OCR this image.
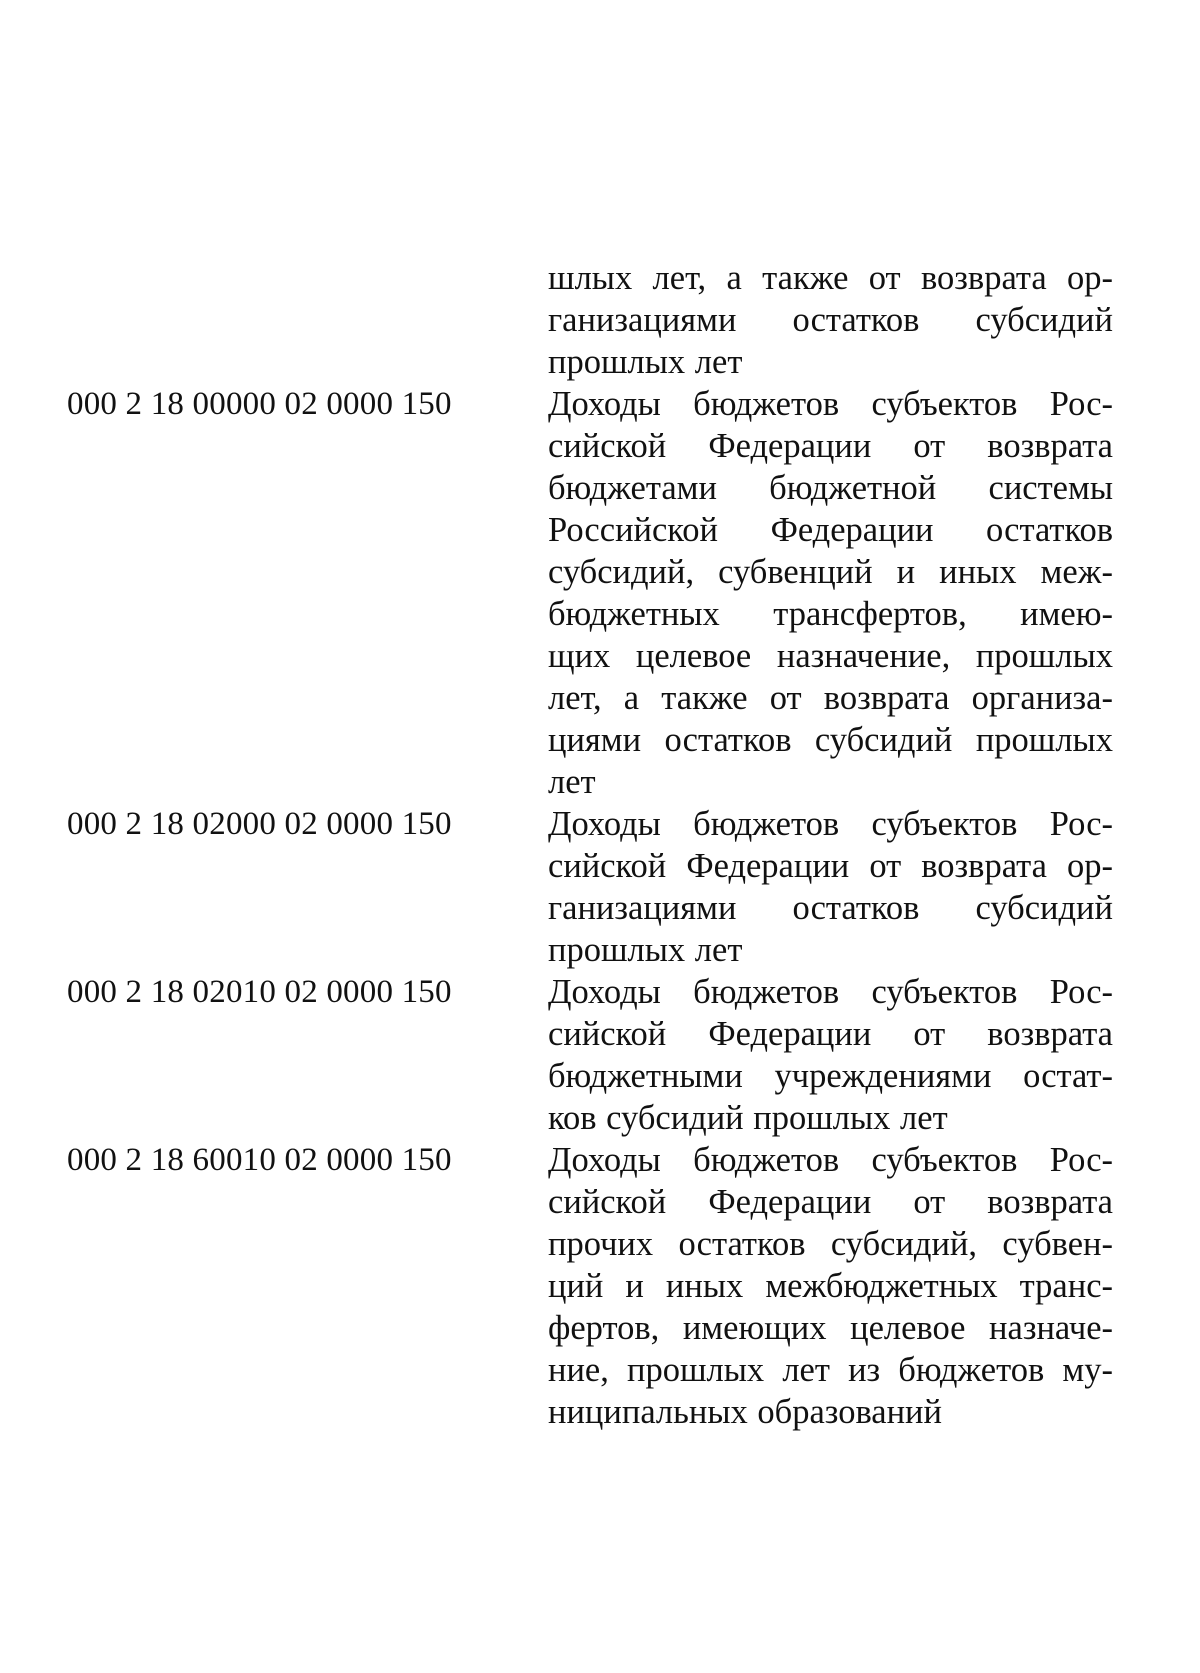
шлых лет, а также от возврата ор-
ганизациями остатков субсидий
прошлых лет
000 2 18 00000 02 0000 150	Доходы бюджетов субъектов Рос-
сийской Федерации от возврата
бюджетами бюджетной системы
Российской Федерации остатков
субсидий, субвенций и иных меж-
бюджетных трансфертов, имею-
щих целевое назначение, прошлых
лет, а также от возврата организа-
циями остатков субсидий прошлых
лет
000 2 18 02000 02 0000 150	Доходы бюджетов субъектов Рос-
сийской Федерации от возврата ор-
ганизациями остатков субсидий
прошлых лет
000 2 18 02010 02 0000 150	Доходы бюджетов субъектов Рос-
сийской Федерации от возврата
бюджетными учреждениями остат-
ков субсидий прошлых лет
000 2 18 60010 02 0000 150	Доходы бюджетов субъектов Рос-
сийской Федерации от возврата
прочих остатков субсидий, субвен-
ций и иных межбюджетных транс-
фертов, имеющих целевое назначе-
ние, прошлых лет из бюджетов му-
ниципальных образований
